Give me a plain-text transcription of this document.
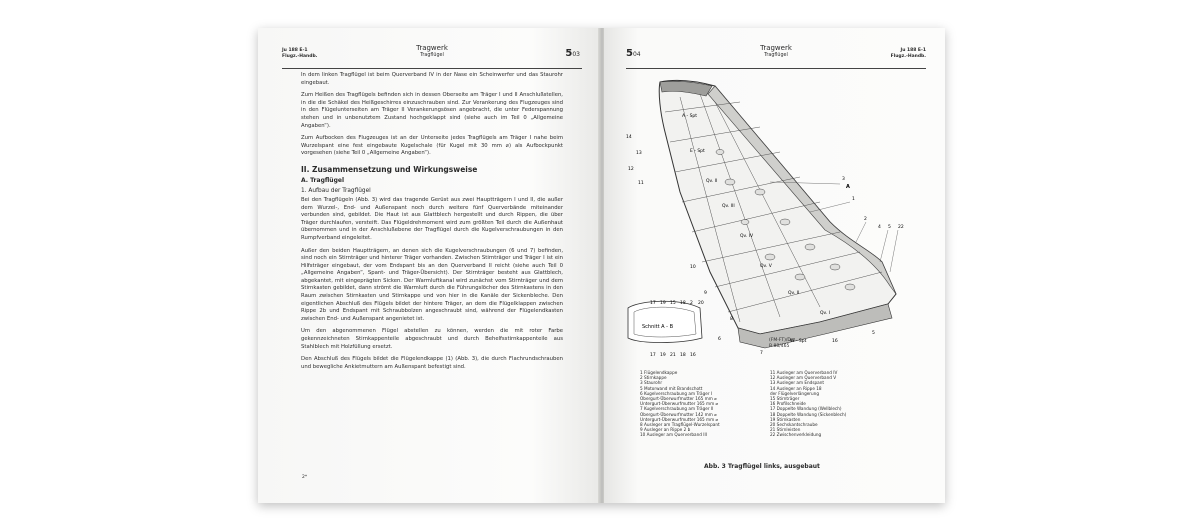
Ju 188 E-1
Flugz.-Handb.
Tragwerk
Tragflügel	503

In dem linken Tragflügel ist beim Querverband IV in der Nase ein Scheinwerfer und das Staurohr eingebaut.

Zum Heißen des Tragflügels befinden sich in dessen Oberseite am Träger I und II Anschlußstellen, in die die Schäkel des Heißgeschirres einzuschrauben sind. Zur Verankerung des Flugzeuges sind in den Flügelunterseiten am Träger II Verankerungsösen angebracht, die unter Federspannung stehen und in unbenutztem Zustand hochgeklappt sind (siehe auch im Teil 0 „Allgemeine Angaben“).

Zum Aufbocken des Flugzeuges ist an der Unterseite jedes Tragflügels am Träger I nahe beim Wurzelspant eine fest eingebaute Kugelschale (für Kugel mit 30 mm ⌀) als Aufbockpunkt vorgesehen (siehe Teil 0 „Allgemeine Angaben“).

II. Zusammensetzung und Wirkungsweise
A. Tragflügel
1. Aufbau der Tragflügel

Bei den Tragflügeln (Abb. 3) wird das tragende Gerüst aus zwei Hauptträgern I und II, die außer dem Wurzel-, End- und Außenspant noch durch weitere fünf Querverbände miteinander verbunden sind, gebildet. Die Haut ist aus Glattblech hergestellt und durch Rippen, die über Träger durchlaufen, versteift. Das Flügeldrehmoment wird zum größten Teil durch die Außenhaut übernommen und in der Anschlußebene der Tragflügel durch die Kugelverschraubungen in den Rumpfverband eingeleitet.

Außer den beiden Hauptträgern, an denen sich die Kugelverschraubungen (6 und 7) befinden, sind noch ein Stirnträger und hinterer Träger vorhanden. Zwischen Stirnträger und Träger I ist ein Hilfsträger eingebaut, der vom Endspant bis an den Querverband II reicht (siehe auch Teil 0 „Allgemeine Angaben“, Spant- und Träger-Übersicht). Der Stirnträger besteht aus Glattblech, abgekantet, mit eingeprägten Sicken. Der Warmluftkanal wird zunächst vom Stirnträger und dem Stirnkasten gebildet, dann strömt die Warmluft durch die Führungslöcher des Stirnkastens in den Raum zwischen Stirnkasten und Stirnkappe und von hier in die Kanäle der Sickenbleche. Den eigentlichen Abschluß des Flügels bildet der hintere Träger, an dem die Flügelklappen zwischen Rippe 2b und Endspant mit Schraubbolzen angeschraubt sind, während der Flügelendkasten zwischen End- und Außenspant angenietet ist.

Um den abgenommenen Flügel abstellen zu können, werden die mit roter Farbe gekennzeichneten Stirnkappenteile abgeschraubt und durch Behelfsstirnkappenteile aus Stahlblech mit Holzfüllung ersetzt.

Den Abschluß des Flügels bildet die Flügelendkappe (1) (Abb. 3), die durch Flachrundschrauben und bewegliche Ankietmuttern am Außenspant befestigt sind.

2*
504
Tragwerk
Tragflügel
Ju 188 E-1
Flugz.-Handb.
A - Spt
E - Spt
Qv. II
Qv. III
Qv. IV
Qv. V
Qv. II
Qv. I
W - Spt
A
Schnitt A - B
14
13
12
11
10
9
8
7
3
1
2
4 5 22
17 19 15 18 2 20
17 19 21 18 16
6	16
5
(FM-FT)/Drz
B 88/465
1 Flügelendkappe
2 Stirnkappe
3 Staurohr
5 Motorwand mit Brandschott
6 Kugelverschraubung am Träger I
Obergurt-Überwurfmutter 165 mm ⌀
Untergurt-Überwurfmutter 165 mm ⌀
7 Kugelverschraubung am Träger II
Obergurt-Überwurfmutter 142 mm ⌀
Untergurt-Überwurfmutter 165 mm ⌀
8 Ausleger am Tragflügel-Wurzelspant
9 Ausleger an Rippe 2 b
10 Ausleger am Querverband III
11 Ausleger am Querverband IV
12 Ausleger am Querverband V
13 Ausleger am Endspant
14 Ausleger an Rippe 18
der Flügelverlängerung
15 Stirnträger
16 Profilschneide
17 Doppelte Wandung (Wellblech)
18 Doppelte Wandung (Sickenblech)
19 Stirnkasten
20 Sechskantschraube
21 Stirnleisten
22 Zwischenverkleidung
Abb. 3 Tragflügel links, ausgebaut
